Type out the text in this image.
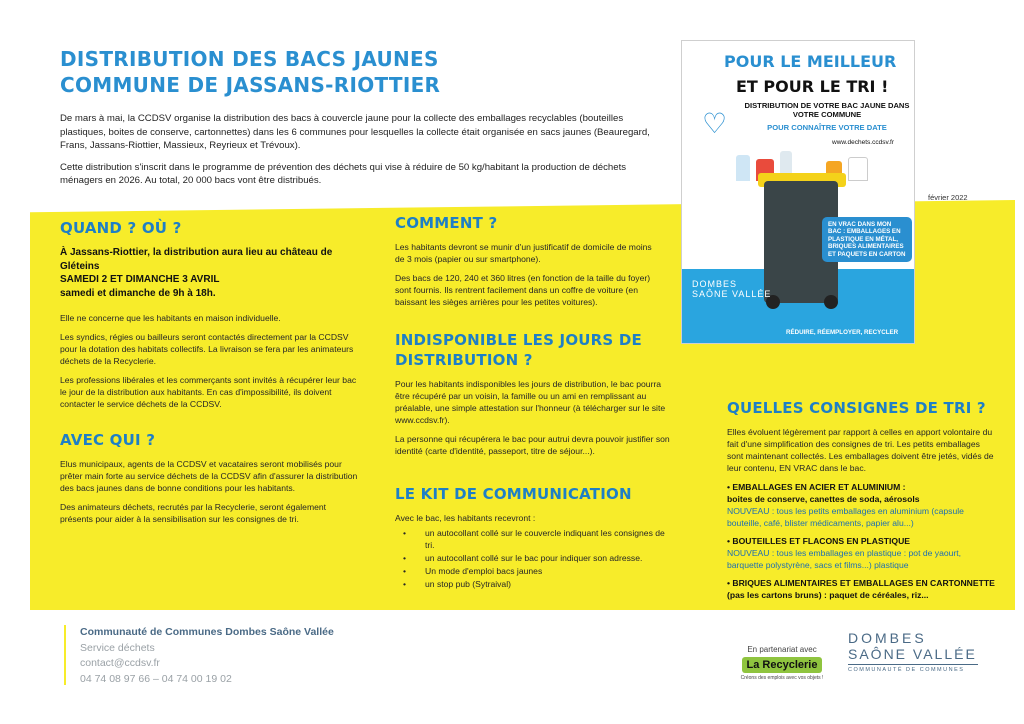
DISTRIBUTION DES BACS JAUNES
COMMUNE DE JASSANS-RIOTTIER

De mars à mai, la CCDSV organise la distribution des bacs à couvercle jaune pour la collecte des emballages recyclables (bouteilles plastiques, boites de conserve, cartonnettes) dans les 6 communes pour lesquelles la collecte était organisée en sacs jaunes (Beauregard, Frans, Jassans-Riottier, Massieux, Reyrieux et Trévoux).

Cette distribution s'inscrit dans le programme de prévention des déchets qui vise à réduire de 50 kg/habitant la production de déchets ménagers en 2026. Au total, 20 000 bacs vont être distribués.

QUAND ? OÙ ?

À Jassans-Riottier, la distribution aura lieu au château de Gléteins
SAMEDI 2 ET DIMANCHE 3 AVRIL
samedi et dimanche de 9h à 18h.

Elle ne concerne que les habitants en maison individuelle.

Les syndics, régies ou bailleurs seront contactés directement par la CCDSV pour la dotation des habitats collectifs. La livraison se fera par les animateurs déchets de la Recyclerie.

Les professions libérales et les commerçants sont invités à récupérer leur bac le jour de la distribution aux habitants. En cas d'impossibilité, ils doivent contacter le service déchets de la CCDSV.

AVEC QUI ?

Elus municipaux, agents de la CCDSV et vacataires seront mobilisés pour prêter main forte au service déchets de la CCDSV afin d'assurer la distribution des bacs jaunes dans de bonne conditions pour les habitants.

Des animateurs déchets, recrutés par la Recyclerie, seront également présents pour aider à la sensibilisation sur les consignes de tri.

COMMENT ?

Les habitants devront se munir d'un justificatif de domicile de moins de 3 mois (papier ou sur smartphone).

Des bacs de 120, 240 et 360 litres (en fonction de la taille du foyer) sont fournis. Ils rentrent facilement dans un coffre de voiture (en baissant les sièges arrières pour les petites voitures).

INDISPONIBLE LES JOURS DE DISTRIBUTION ?

Pour les habitants indisponibles les jours de distribution, le bac pourra être récupéré par un voisin, la famille ou un ami en remplissant au préalable, une simple attestation sur l'honneur (à télécharger sur le site www.ccdsv.fr).

La personne qui récupérera le bac pour autrui devra pouvoir justifier son identité (carte d'identité, passeport, titre de séjour...).

LE KIT DE COMMUNICATION

Avec le bac, les habitants recevront :

• un autocollant collé sur le couvercle indiquant les consignes de tri.
• un autocollant collé sur le bac pour indiquer son adresse.
• Un mode d'emploi bacs jaunes
• un stop pub (Sytraival)
QUELLES CONSIGNES DE TRI ?

Elles évoluent légèrement par rapport à celles en apport volontaire du fait d'une simplification des consignes de tri. Les petits emballages sont maintenant collectés. Les emballages doivent être jetés, vidés de leur contenu, EN VRAC dans le bac.

• EMBALLAGES EN ACIER ET ALUMINIUM :
boites de conserve, canettes de soda, aérosols
NOUVEAU : tous les petits emballages en aluminium (capsule bouteille, café, blister médicaments, papier alu...)
• BOUTEILLES ET FLACONS EN PLASTIQUE
NOUVEAU : tous les emballages en plastique : pot de yaourt, barquette polystyrène, sacs et films...) plastique
• BRIQUES ALIMENTAIRES ET EMBALLAGES EN CARTONNETTE (pas les cartons bruns) : paquet de céréales, riz...
POUR LE MEILLEUR
ET POUR LE TRI !
DISTRIBUTION DE VOTRE BAC JAUNE DANS VOTRE COMMUNE
POUR CONNAÎTRE VOTRE DATE
www.dechets.ccdsv.fr
♡
EN VRAC DANS MON BAC : EMBALLAGES EN PLASTIQUE EN MÉTAL, BRIQUES ALIMENTAIRES ET PAQUETS EN CARTON
DOMBES
SAÔNE VALLÉE
RÉDUIRE, RÉEMPLOYER, RECYCLER
février 2022
Communauté de Communes Dombes Saône Vallée
Service déchets
contact@ccdsv.fr
04 74 08 97 66 – 04 74 00 19 02
En partenariat avec
La Recyclerie
Créons des emplois avec vos objets !
DOMBES
SAÔNE VALLÉE
COMMUNAUTÉ DE COMMUNES
